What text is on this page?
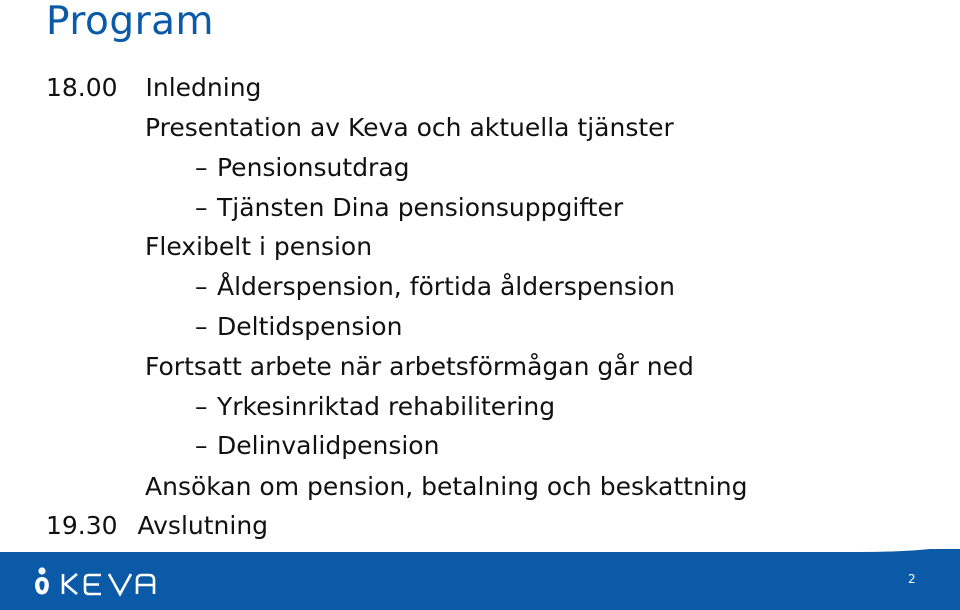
Program
18.00 Inledning
Presentation av Keva och aktuella tjänster
– Pensionsutdrag
– Tjänsten Dina pensionsuppgifter
Flexibelt i pension
– Ålderspension, förtida ålderspension
– Deltidspension
Fortsatt arbete när arbetsförmågan går ned
– Yrkesinriktad rehabilitering
– Delinvalidpension
Ansökan om pension, betalning och beskattning
19.30 Avslutning
2
